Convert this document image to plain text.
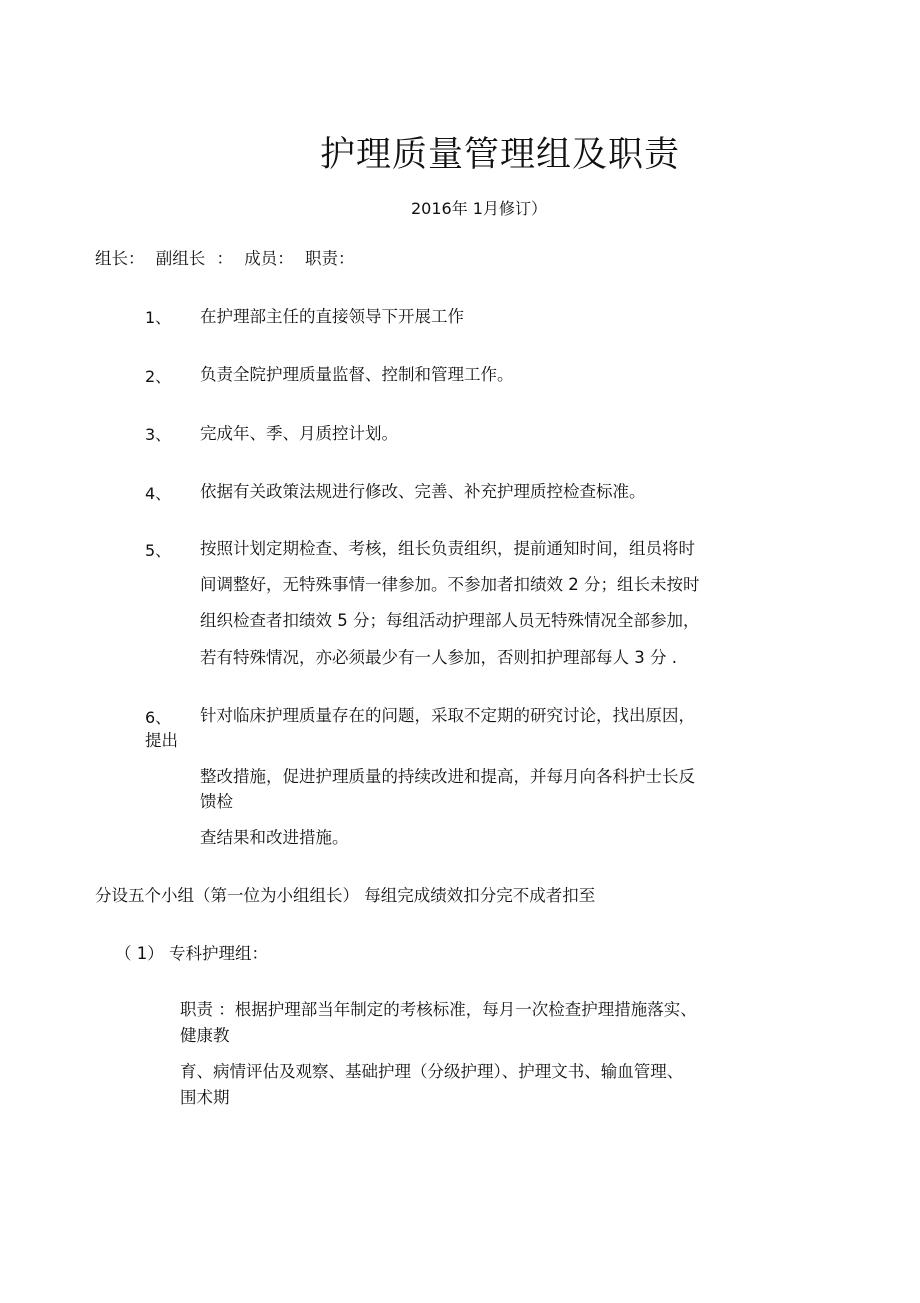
护理质量管理组及职责
2016年 1月修订）
组长： 副组长 ： 成员： 职责：
1、 在护理部主任的直接领导下开展工作
2、 负责全院护理质量监督、控制和管理工作。
3、 完成年、季、月质控计划。
4、 依据有关政策法规进行修改、完善、补充护理质控检查标准。
5、 按照计划定期检查、考核，组长负责组织，提前通知时间，组员将时
间调整好，无特殊事情一律参加。不参加者扣绩效 2 分；组长未按时
组织检查者扣绩效 5 分；每组活动护理部人员无特殊情况全部参加，
若有特殊情况，亦必须最少有一人参加，否则扣护理部每人 3 分 .
6、 针对临床护理质量存在的问题，采取不定期的研究讨论，找出原因，
提出
整改措施，促进护理质量的持续改进和提高，并每月向各科护士长反
馈检
查结果和改进措施。
分设五个小组（第一位为小组组长） 每组完成绩效扣分完不成者扣至
（ 1） 专科护理组：
职责 ：根据护理部当年制定的考核标准，每月一次检查护理措施落实、
健康教
育、病情评估及观察、基础护理（分级护理）、护理文书、输血管理、
围术期
